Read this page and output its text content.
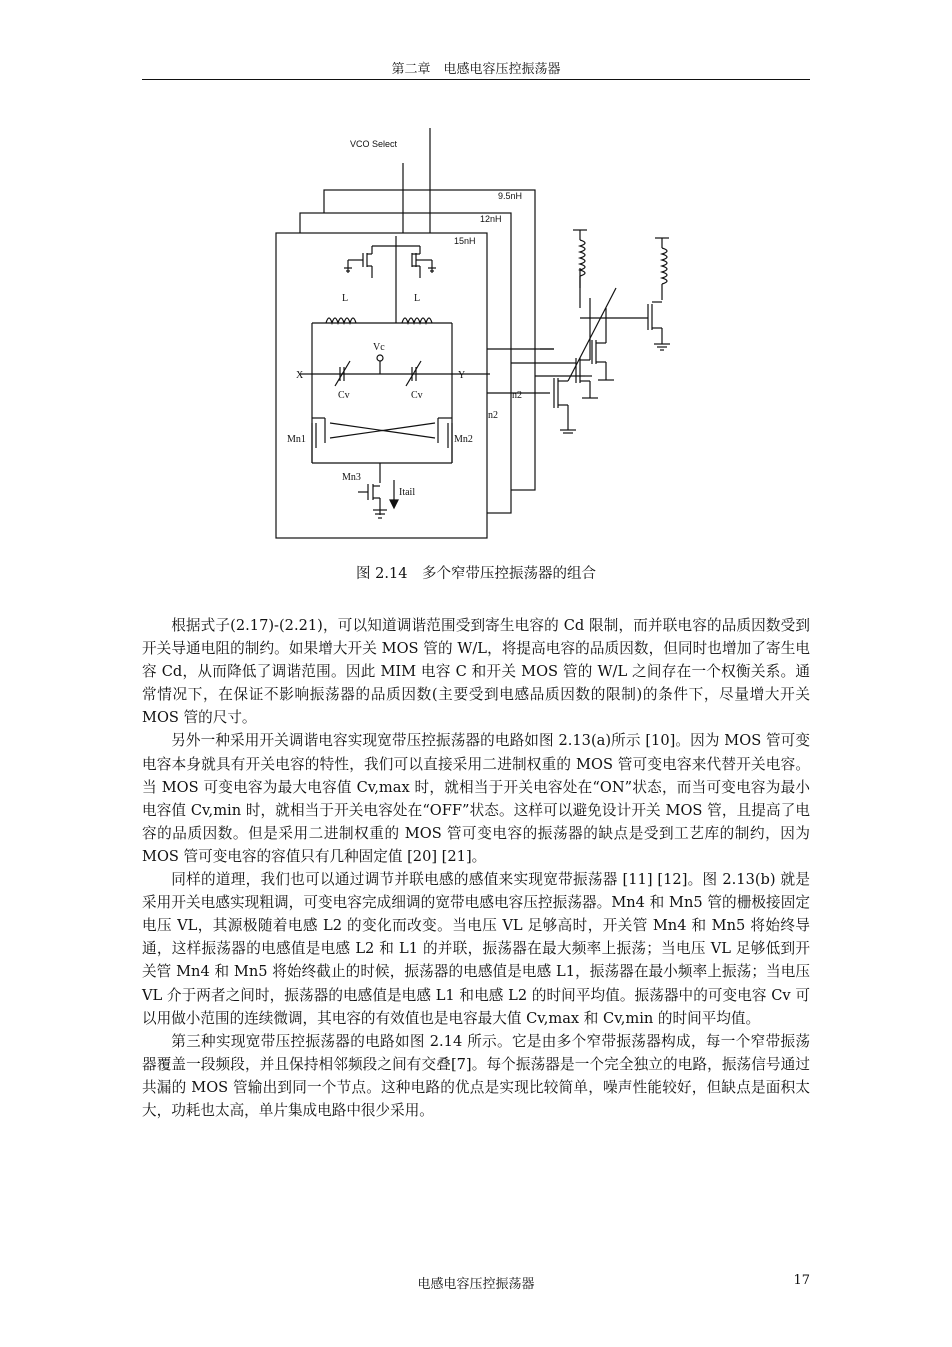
第二章　电感电容压控振荡器
VCO Select
9.5nH
12nH
15nH
L	L
Vc
X	Y
Cv	Cv	n2
n2
Mn1	Mn2
Mn3
Itail
图 2.14　多个窄带压控振荡器的组合

根据式子(2.17)-(2.21)，可以知道调谐范围受到寄生电容的 Cd 限制，而并联电容的品质因数受到开关导通电阻的制约。如果增大开关 MOS 管的 W/L，将提高电容的品质因数，但同时也增加了寄生电容 Cd，从而降低了调谐范围。因此 MIM 电容 C 和开关 MOS 管的 W/L 之间存在一个权衡关系。通常情况下，在保证不影响振荡器的品质因数(主要受到电感品质因数的限制)的条件下，尽量增大开关 MOS 管的尺寸。

另外一种采用开关调谐电容实现宽带压控振荡器的电路如图 2.13(a)所示 [10]。因为 MOS 管可变电容本身就具有开关电容的特性，我们可以直接采用二进制权重的 MOS 管可变电容来代替开关电容。当 MOS 可变电容为最大电容值 Cv,max 时，就相当于开关电容处在“ON”状态，而当可变电容为最小电容值 Cv,min 时，就相当于开关电容处在“OFF”状态。这样可以避免设计开关 MOS 管，且提高了电容的品质因数。但是采用二进制权重的 MOS 管可变电容的振荡器的缺点是受到工艺库的制约，因为 MOS 管可变电容的容值只有几种固定值 [20] [21]。

同样的道理，我们也可以通过调节并联电感的感值来实现宽带振荡器 [11] [12]。图 2.13(b) 就是采用开关电感实现粗调，可变电容完成细调的宽带电感电容压控振荡器。Mn4 和 Mn5 管的栅极接固定电压 VL，其源极随着电感 L2 的变化而改变。当电压 VL 足够高时，开关管 Mn4 和 Mn5 将始终导通，这样振荡器的电感值是电感 L2 和 L1 的并联，振荡器在最大频率上振荡；当电压 VL 足够低到开关管 Mn4 和 Mn5 将始终截止的时候，振荡器的电感值是电感 L1，振荡器在最小频率上振荡；当电压 VL 介于两者之间时，振荡器的电感值是电感 L1 和电感 L2 的时间平均值。振荡器中的可变电容 Cv 可以用做小范围的连续微调，其电容的有效值也是电容最大值 Cv,max 和 Cv,min 的时间平均值。

第三种实现宽带压控振荡器的电路如图 2.14 所示。它是由多个窄带振荡器构成，每一个窄带振荡器覆盖一段频段，并且保持相邻频段之间有交叠[7]。每个振荡器是一个完全独立的电路，振荡信号通过共漏的 MOS 管输出到同一个节点。这种电路的优点是实现比较简单，噪声性能较好，但缺点是面积太大，功耗也太高，单片集成电路中很少采用。

电感电容压控振荡器	17
